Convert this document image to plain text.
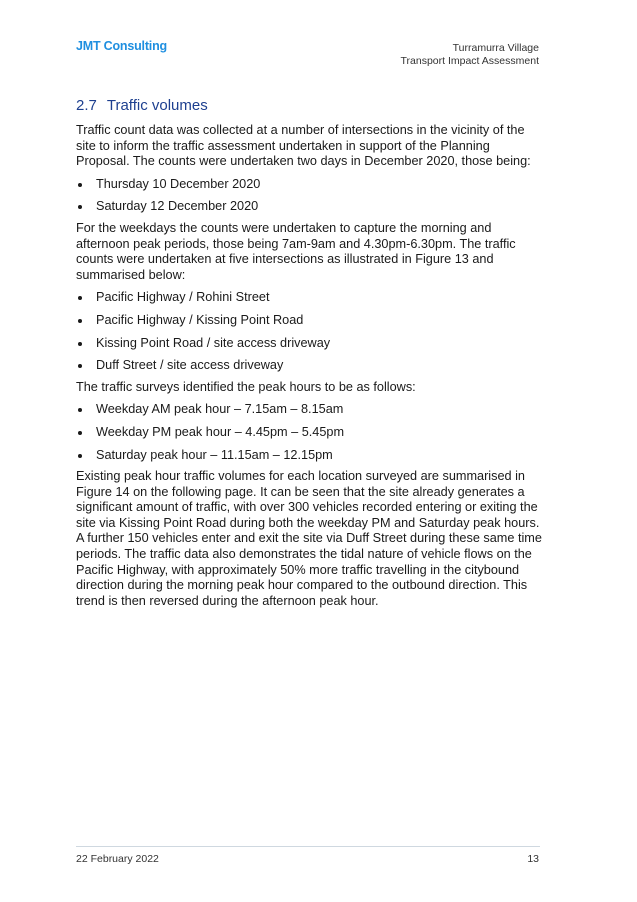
JMT Consulting	Turramurra Village
Transport Impact Assessment
2.7 Traffic volumes

Traffic count data was collected at a number of intersections in the vicinity of the site to inform the traffic assessment undertaken in support of the Planning Proposal. The counts were undertaken two days in December 2020, those being:

Thursday 10 December 2020
Saturday 12 December 2020

For the weekdays the counts were undertaken to capture the morning and afternoon peak periods, those being 7am-9am and 4.30pm-6.30pm. The traffic counts were undertaken at five intersections as illustrated in Figure 13 and summarised below:

Pacific Highway / Rohini Street
Pacific Highway / Kissing Point Road
Kissing Point Road / site access driveway
Duff Street / site access driveway

The traffic surveys identified the peak hours to be as follows:

Weekday AM peak hour – 7.15am – 8.15am
Weekday PM peak hour – 4.45pm – 5.45pm
Saturday peak hour – 11.15am – 12.15pm

Existing peak hour traffic volumes for each location surveyed are summarised in Figure 14 on the following page. It can be seen that the site already generates a significant amount of traffic, with over 300 vehicles recorded entering or exiting the site via Kissing Point Road during both the weekday PM and Saturday peak hours. A further 150 vehicles enter and exit the site via Duff Street during these same time periods. The traffic data also demonstrates the tidal nature of vehicle flows on the Pacific Highway, with approximately 50% more traffic travelling in the citybound direction during the morning peak hour compared to the outbound direction. This trend is then reversed during the afternoon peak hour.

22 February 2022	13
